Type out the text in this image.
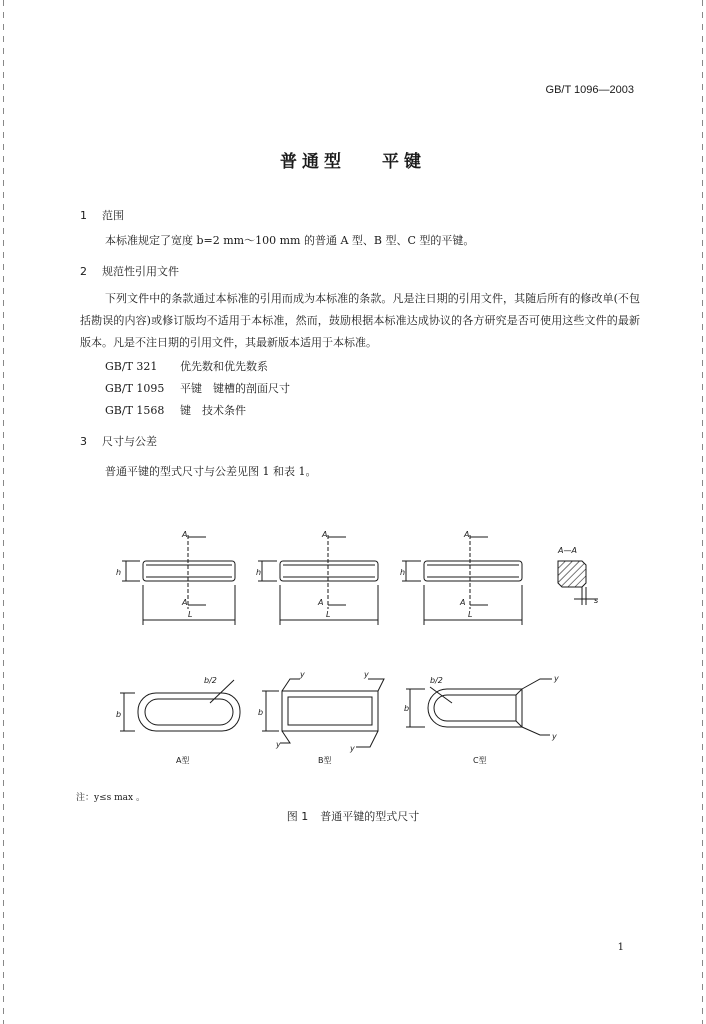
GB/T 1096—2003
普通型 平键
1 范围
本标准规定了宽度 b=2 mm～100 mm 的普通 A 型、B 型、C 型的平键。
2 规范性引用文件
下列文件中的条款通过本标准的引用而成为本标准的条款。凡是注日期的引用文件，其随后所有的修改单(不包括勘误的内容)或修订版均不适用于本标准，然而，鼓励根据本标准达成协议的各方研究是否可使用这些文件的最新版本。凡是不注日期的引用文件，其最新版本适用于本标准。
GB/T 321 优先数和优先数系
GB/T 1095 平键　键槽的剖面尺寸
GB/T 1568 键　技术条件
3 尺寸与公差
普通平键的型式尺寸与公差见图 1 和表 1。
A
A
h
L
A
A
h
L
A
A
h
L
A—A
s
b
b/2
b
y	y
y	y
b
b/2	y
y
A型	B型	C型
注：y≤s max 。
图 1 普通平键的型式尺寸
1
